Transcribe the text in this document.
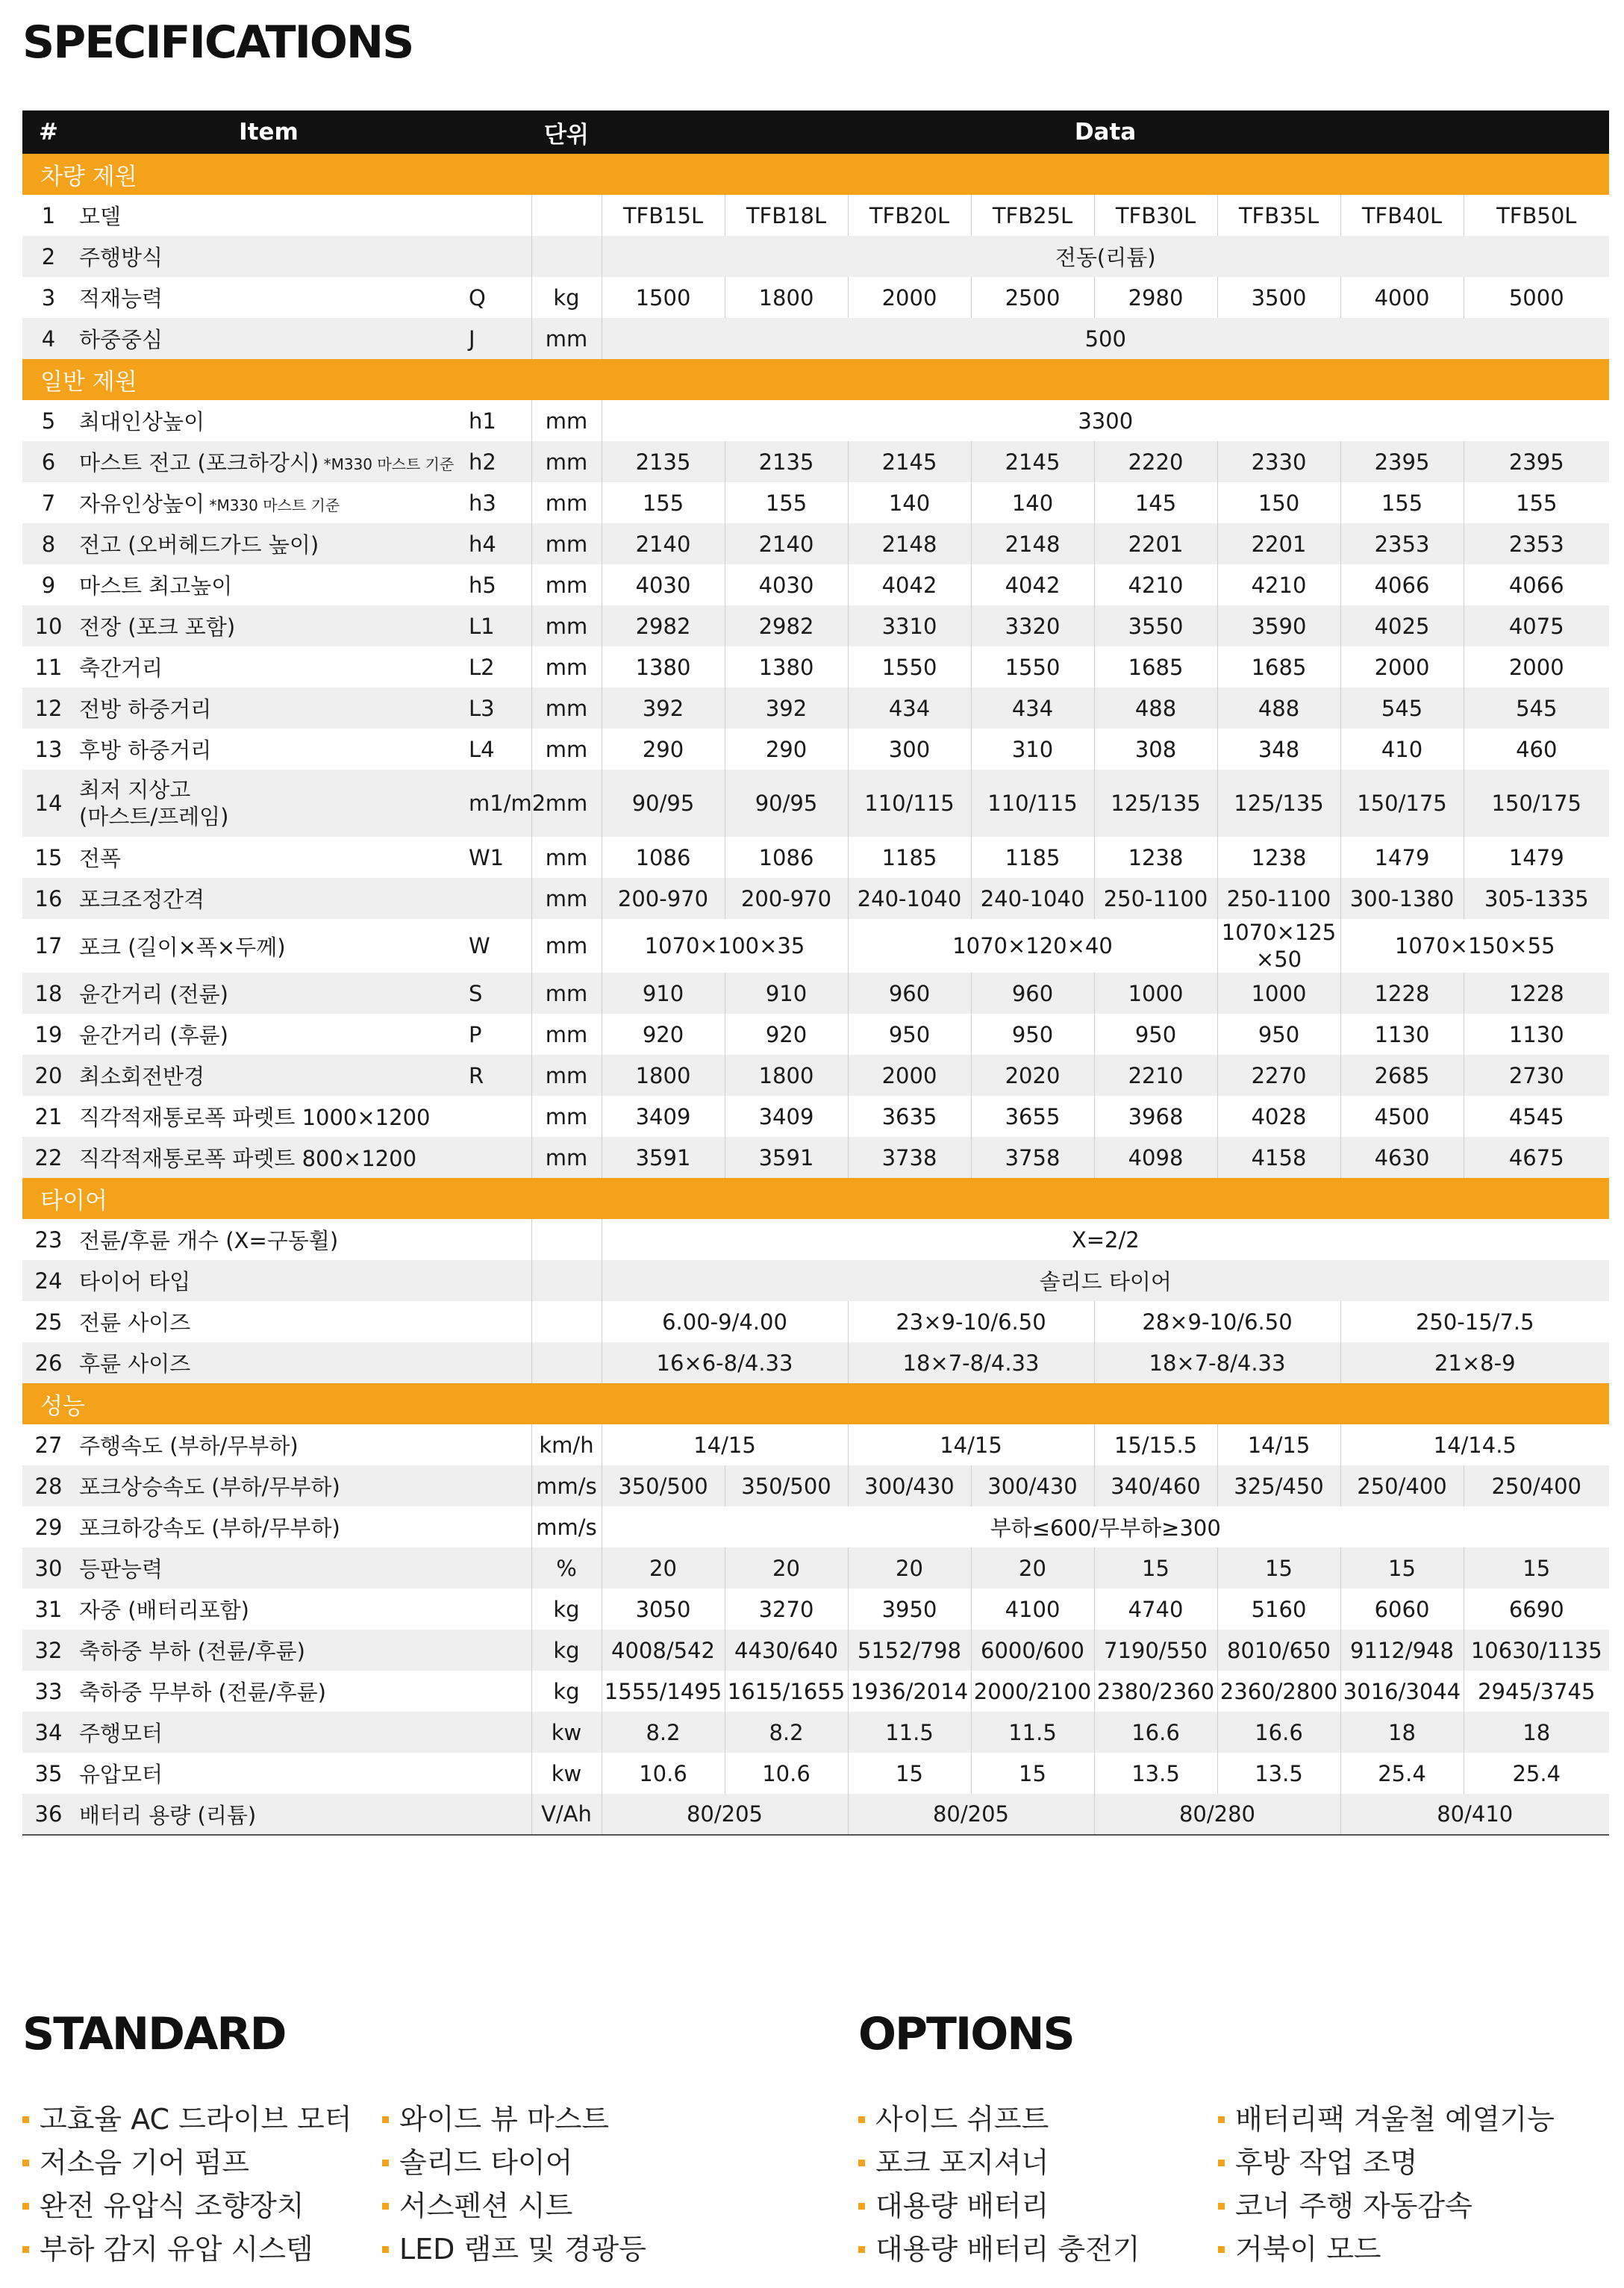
SPECIFICATIONS
#	Item		단위	Data							
차량 제원											
1	모델			TFB15L	TFB18L	TFB20L	TFB25L	TFB30L	TFB35L	TFB40L	TFB50L
2	주행방식			전동(리튬)							
3	적재능력	Q	kg	1500	1800	2000	2500	2980	3500	4000	5000
4	하중중심	J	mm	500							
일반 제원											
5	최대인상높이	h1	mm	3300							
6	마스트 전고 (포크하강시) *M330 마스트 기준	h2	mm	2135	2135	2145	2145	2220	2330	2395	2395
7	자유인상높이 *M330 마스트 기준	h3	mm	155	155	140	140	145	150	155	155
8	전고 (오버헤드가드 높이)	h4	mm	2140	2140	2148	2148	2201	2201	2353	2353
9	마스트 최고높이	h5	mm	4030	4030	4042	4042	4210	4210	4066	4066
10	전장 (포크 포함)	L1	mm	2982	2982	3310	3320	3550	3590	4025	4075
11	축간거리	L2	mm	1380	1380	1550	1550	1685	1685	2000	2000
12	전방 하중거리	L3	mm	392	392	434	434	488	488	545	545
13	후방 하중거리	L4	mm	290	290	300	310	308	348	410	460
14	최저 지상고
(마스트/프레임)	m1/m2	mm	90/95	90/95	110/115	110/115	125/135	125/135	150/175	150/175
15	전폭	W1	mm	1086	1086	1185	1185	1238	1238	1479	1479
16	포크조정간격		mm	200-970	200-970	240-1040	240-1040	250-1100	250-1100	300-1380	305-1335
17	포크 (길이×폭×두께)	W	mm	1070×100×35		1070×120×40			1070×125 ×50	1070×150×55	
18	윤간거리 (전륜)	S	mm	910	910	960	960	1000	1000	1228	1228
19	윤간거리 (후륜)	P	mm	920	920	950	950	950	950	1130	1130
20	최소회전반경	R	mm	1800	1800	2000	2020	2210	2270	2685	2730
21	직각적재통로폭 파렛트 1000×1200		mm	3409	3409	3635	3655	3968	4028	4500	4545
22	직각적재통로폭 파렛트 800×1200		mm	3591	3591	3738	3758	4098	4158	4630	4675
타이어											
23	전륜/후륜 개수 (X=구동휠)			X=2/2							
24	타이어 타입			솔리드 타이어							
25	전륜 사이즈			6.00-9/4.00		23×9-10/6.50		28×9-10/6.50		250-15/7.5	
26	후륜 사이즈			16×6-8/4.33		18×7-8/4.33		18×7-8/4.33		21×8-9	
성능											
27	주행속도 (부하/무부하)		km/h	14/15		14/15		15/15.5	14/15	14/14.5	
28	포크상승속도 (부하/무부하)		mm/s	350/500	350/500	300/430	300/430	340/460	325/450	250/400	250/400
29	포크하강속도 (부하/무부하)		mm/s	부하≤600/무부하≥300							
30	등판능력		%	20	20	20	20	15	15	15	15
31	자중 (배터리포함)		kg	3050	3270	3950	4100	4740	5160	6060	6690
32	축하중 부하 (전륜/후륜)		kg	4008/542	4430/640	5152/798	6000/600	7190/550	8010/650	9112/948	10630/1135
33	축하중 무부하 (전륜/후륜)		kg	1555/1495	1615/1655	1936/2014	2000/2100	2380/2360	2360/2800	3016/3044	2945/3745
34	주행모터		kw	8.2	8.2	11.5	11.5	16.6	16.6	18	18
35	유압모터		kw	10.6	10.6	15	15	13.5	13.5	25.4	25.4
36	배터리 용량 (리튬)		V/Ah	80/205		80/205		80/280		80/410	
STANDARD
고효율 AC 드라이브 모터
저소음 기어 펌프
완전 유압식 조향장치
부하 감지 유압 시스템
와이드 뷰 마스트
솔리드 타이어
서스펜션 시트
LED 램프 및 경광등
OPTIONS
사이드 쉬프트
포크 포지셔너
대용량 배터리
대용량 배터리 충전기
배터리팩 겨울철 예열기능
후방 작업 조명
코너 주행 자동감속
거북이 모드
